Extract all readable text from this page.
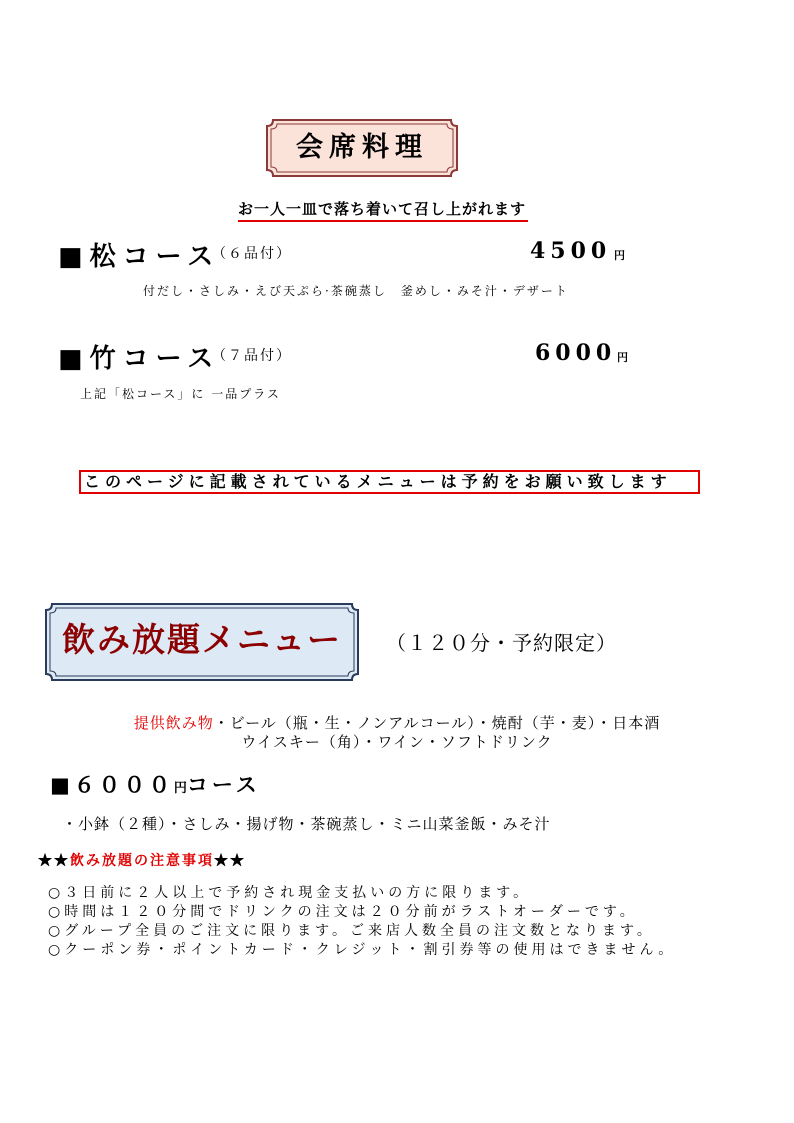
会席料理
お一人一皿で落ち着いて召し上がれます
■松コース
（６品付）	4500 円
付だし・さしみ・えび天ぷら·茶碗蒸し　釜めし・みそ汁・デザート
■竹コース
（７品付）	6000 円
上記「松コース」に 一品プラス
このページに記載されているメニューは予約をお願い致します
飲み放題メニュー	（１２０分・予約限定）
提供飲み物・ビール（瓶・生・ノンアルコール）・焼酎（芋・麦）・日本酒
ウイスキー（角）・ワイン・ソフトドリンク
■６０００円コース
・小鉢（２種）・さしみ・揚げ物・茶碗蒸し・ミニ山菜釜飯・みそ汁
★★飲み放題の注意事項★★
○３日前に２人以上で予約され現金支払いの方に限ります。
○時間は１２０分間でドリンクの注文は２０分前がラストオーダーです。
○グループ全員のご注文に限ります。ご来店人数全員の注文数となります。
○クーポン券・ポイントカード・クレジット・割引券等の使用はできません。
